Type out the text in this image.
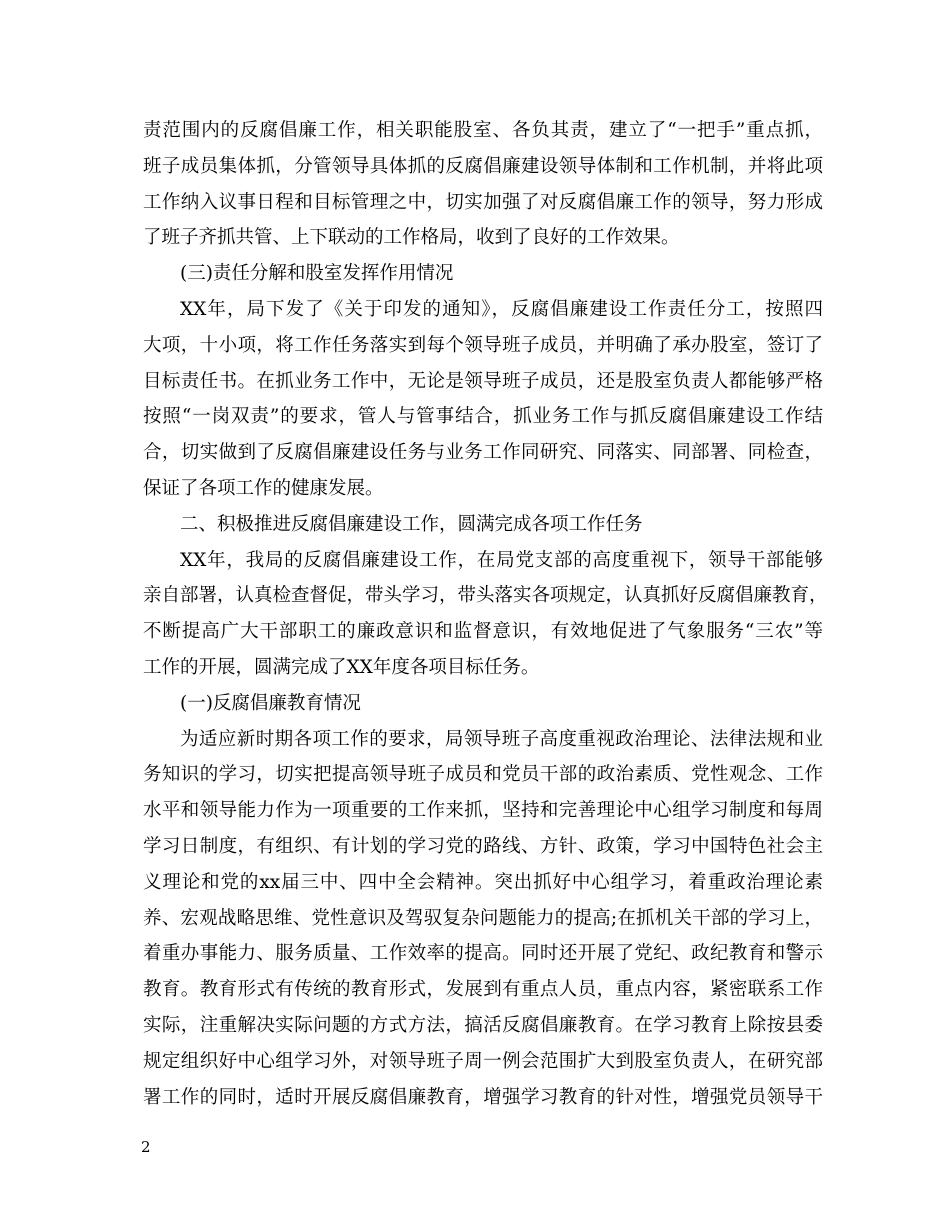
责范围内的反腐倡廉工作，相关职能股室、各负其责，建立了“一把手”重点抓，
班子成员集体抓，分管领导具体抓的反腐倡廉建设领导体制和工作机制，并将此项
工作纳入议事日程和目标管理之中，切实加强了对反腐倡廉工作的领导，努力形成
了班子齐抓共管、上下联动的工作格局，收到了良好的工作效果。
(三)责任分解和股室发挥作用情况
XX年，局下发了《关于印发的通知》，反腐倡廉建设工作责任分工，按照四
大项，十小项，将工作任务落实到每个领导班子成员，并明确了承办股室，签订了
目标责任书。在抓业务工作中，无论是领导班子成员，还是股室负责人都能够严格
按照“一岗双责”的要求，管人与管事结合，抓业务工作与抓反腐倡廉建设工作结
合，切实做到了反腐倡廉建设任务与业务工作同研究、同落实、同部署、同检查，
保证了各项工作的健康发展。
二、积极推进反腐倡廉建设工作，圆满完成各项工作任务
XX年，我局的反腐倡廉建设工作，在局党支部的高度重视下，领导干部能够
亲自部署，认真检查督促，带头学习，带头落实各项规定，认真抓好反腐倡廉教育，
不断提高广大干部职工的廉政意识和监督意识，有效地促进了气象服务“三农”等
工作的开展，圆满完成了XX年度各项目标任务。
(一)反腐倡廉教育情况
为适应新时期各项工作的要求，局领导班子高度重视政治理论、法律法规和业
务知识的学习，切实把提高领导班子成员和党员干部的政治素质、党性观念、工作
水平和领导能力作为一项重要的工作来抓，坚持和完善理论中心组学习制度和每周
学习日制度，有组织、有计划的学习党的路线、方针、政策，学习中国特色社会主
义理论和党的xx届三中、四中全会精神。突出抓好中心组学习，着重政治理论素
养、宏观战略思维、党性意识及驾驭复杂问题能力的提高;在抓机关干部的学习上，
着重办事能力、服务质量、工作效率的提高。同时还开展了党纪、政纪教育和警示
教育。教育形式有传统的教育形式，发展到有重点人员，重点内容，紧密联系工作
实际，注重解决实际问题的方式方法，搞活反腐倡廉教育。在学习教育上除按县委
规定组织好中心组学习外，对领导班子周一例会范围扩大到股室负责人，在研究部
署工作的同时，适时开展反腐倡廉教育，增强学习教育的针对性，增强党员领导干
2
